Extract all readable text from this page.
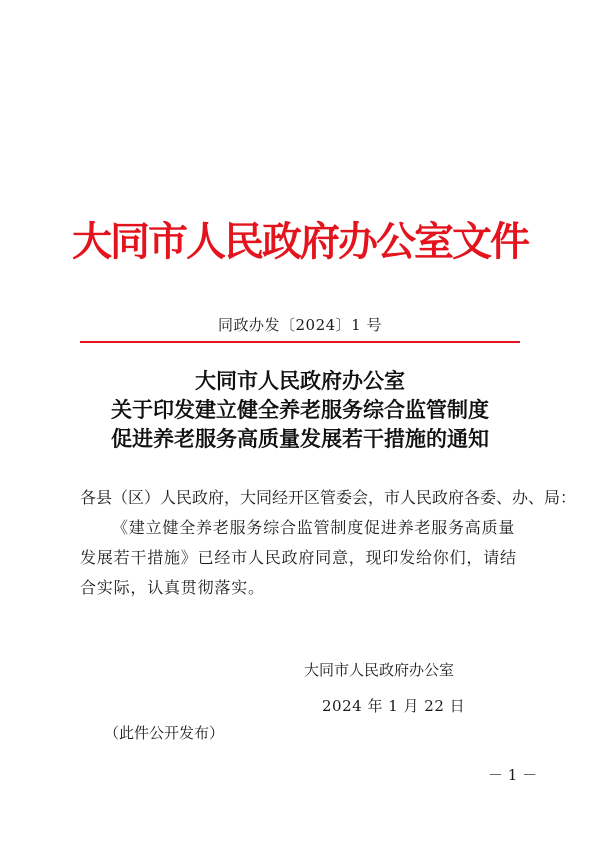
大同市人民政府办公室文件
同政办发〔2024〕1 号
大同市人民政府办公室
关于印发建立健全养老服务综合监管制度
促进养老服务高质量发展若干措施的通知
各县（区）人民政府，大同经开区管委会，市人民政府各委、办、局：
《建立健全养老服务综合监管制度促进养老服务高质量发展若干措施》已经市人民政府同意，现印发给你们，请结合实际，认真贯彻落实。
大同市人民政府办公室
2024 年 1 月 22 日
（此件公开发布）
－ 1 －
